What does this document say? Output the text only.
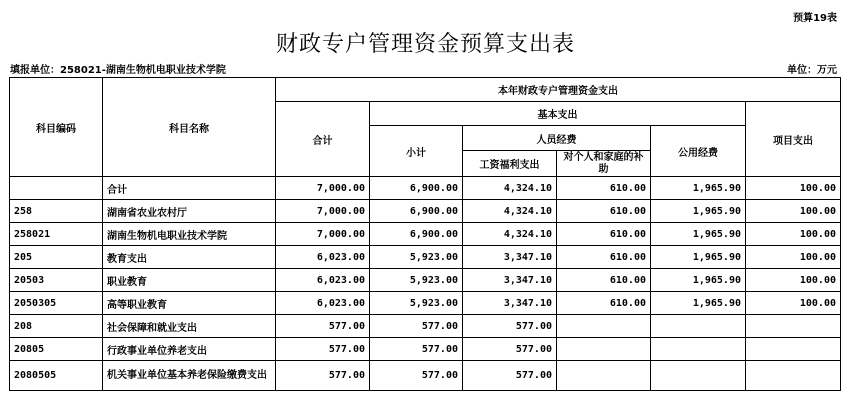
预算19表
财政专户管理资金预算支出表
填报单位：258021-湖南生物机电职业技术学院	单位：万元
科目编码	科目名称	本年财政专户管理资金支出					
		合计	基本支出				项目支出
			小计	人员经费		公用经费	
				工资福利支出	对个人和家庭的补助		
	合计	7,000.00	6,900.00	4,324.10	610.00	1,965.90	100.00
258	湖南省农业农村厅	7,000.00	6,900.00	4,324.10	610.00	1,965.90	100.00
258021	湖南生物机电职业技术学院	7,000.00	6,900.00	4,324.10	610.00	1,965.90	100.00
205	教育支出	6,023.00	5,923.00	3,347.10	610.00	1,965.90	100.00
20503	职业教育	6,023.00	5,923.00	3,347.10	610.00	1,965.90	100.00
2050305	高等职业教育	6,023.00	5,923.00	3,347.10	610.00	1,965.90	100.00
208	社会保障和就业支出	577.00	577.00	577.00			
20805	行政事业单位养老支出	577.00	577.00	577.00			
2080505	机关事业单位基本养老保险缴费支出	577.00	577.00	577.00			
